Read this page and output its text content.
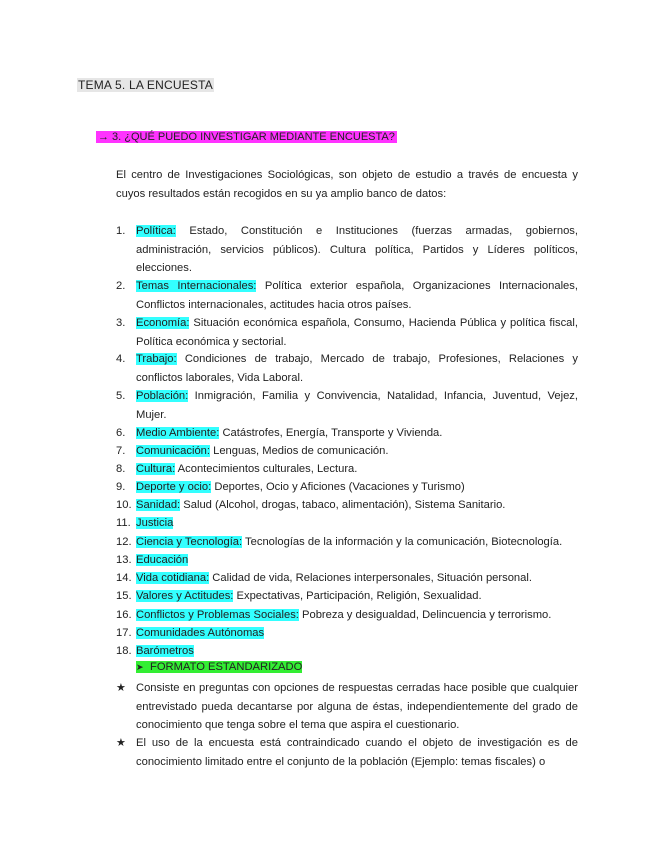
TEMA 5. LA ENCUESTA
→ 3. ¿QUÉ PUEDO INVESTIGAR MEDIANTE ENCUESTA?
El centro de Investigaciones Sociológicas, son objeto de estudio a través de encuesta y cuyos resultados están recogidos en su ya amplio banco de datos:
1. Política: Estado, Constitución e Instituciones (fuerzas armadas, gobiernos, administración, servicios públicos). Cultura política, Partidos y Líderes políticos, elecciones.
2. Temas Internacionales: Política exterior española, Organizaciones Internacionales, Conflictos internacionales, actitudes hacia otros países.
3. Economía: Situación económica española, Consumo, Hacienda Pública y política fiscal, Política económica y sectorial.
4. Trabajo: Condiciones de trabajo, Mercado de trabajo, Profesiones, Relaciones y conflictos laborales, Vida Laboral.
5. Población: Inmigración, Familia y Convivencia, Natalidad, Infancia, Juventud, Vejez, Mujer.
6. Medio Ambiente: Catástrofes, Energía, Transporte y Vivienda.
7. Comunicación: Lenguas, Medios de comunicación.
8. Cultura: Acontecimientos culturales, Lectura.
9. Deporte y ocio: Deportes, Ocio y Aficiones (Vacaciones y Turismo)
10. Sanidad: Salud (Alcohol, drogas, tabaco, alimentación), Sistema Sanitario.
11. Justicia
12. Ciencia y Tecnología: Tecnologías de la información y la comunicación, Biotecnología.
13. Educación
14. Vida cotidiana: Calidad de vida, Relaciones interpersonales, Situación personal.
15. Valores y Actitudes: Expectativas, Participación, Religión, Sexualidad.
16. Conflictos y Problemas Sociales: Pobreza y desigualdad, Delincuencia y terrorismo.
17. Comunidades Autónomas
18. Barómetros
➤ FORMATO ESTANDARIZADO
★ Consiste en preguntas con opciones de respuestas cerradas hace posible que cualquier entrevistado pueda decantarse por alguna de éstas, independientemente del grado de conocimiento que tenga sobre el tema que aspira el cuestionario.
★ El uso de la encuesta está contraindicado cuando el objeto de investigación es de conocimiento limitado entre el conjunto de la población (Ejemplo: temas fiscales) o
